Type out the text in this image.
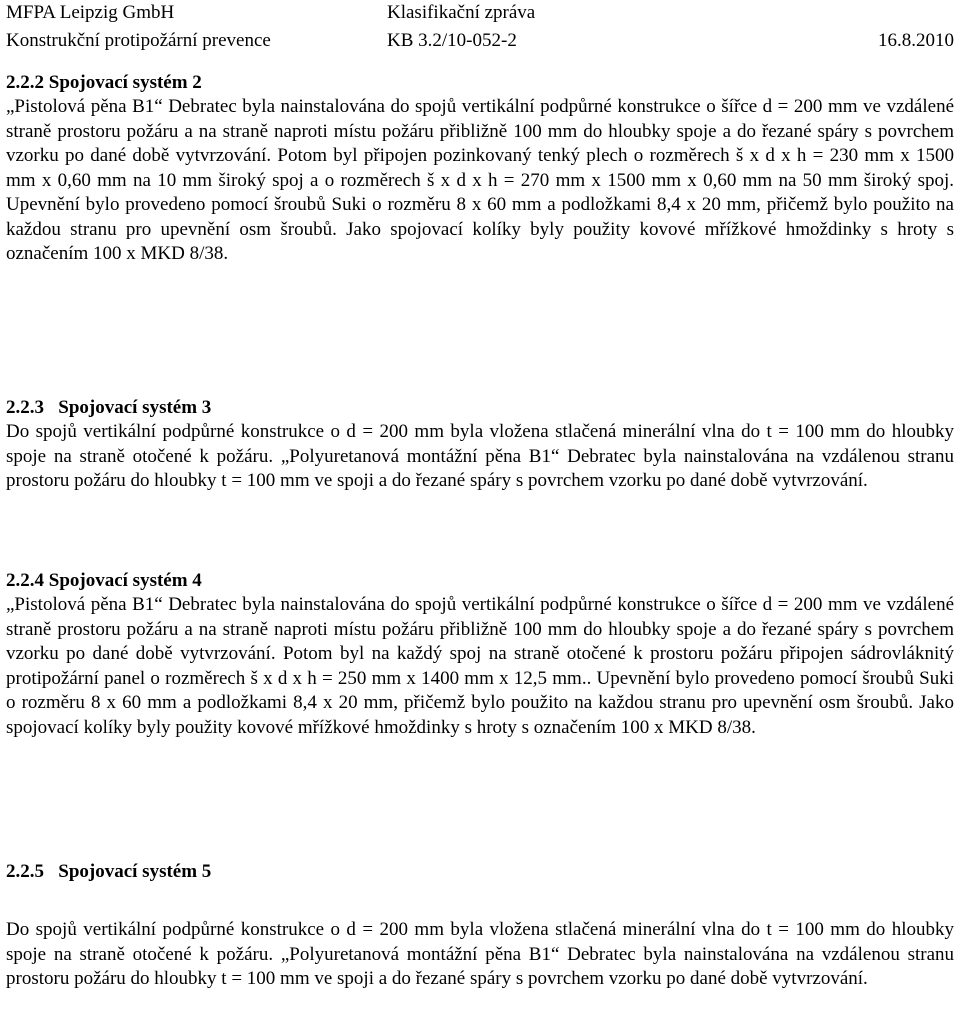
MFPA Leipzig GmbH	Klasifikační zpráva
Konstrukční protipožární prevence	KB 3.2/10-052-2	16.8.2010

2.2.2 Spojovací systém 2

„Pistolová pěna B1“ Debratec byla nainstalována do spojů vertikální podpůrné konstrukce o šířce d = 200 mm ve vzdálené straně prostoru požáru a na straně naproti místu požáru přibližně 100 mm do hloubky spoje a do řezané spáry s povrchem vzorku po dané době vytvrzování. Potom byl připojen pozinkovaný tenký plech o rozměrech š x d x h = 230 mm x 1500 mm x 0,60 mm na 10 mm široký spoj a o rozměrech š x d x h = 270 mm x 1500 mm x 0,60 mm na 50 mm široký spoj. Upevnění bylo provedeno pomocí šroubů Suki o rozměru 8 x 60 mm a podložkami 8,4 x 20 mm, přičemž bylo použito na každou stranu pro upevnění osm šroubů. Jako spojovací kolíky byly použity kovové mřížkové hmoždinky s hroty s označením 100 x MKD 8/38.

2.2.3   Spojovací systém 3

Do spojů vertikální podpůrné konstrukce o d = 200 mm byla vložena stlačená minerální vlna do t = 100 mm do hloubky spoje na straně otočené k požáru. „Polyuretanová montážní pěna B1“ Debratec byla nainstalována na vzdálenou stranu prostoru požáru do hloubky t = 100 mm ve spoji a do řezané spáry s povrchem vzorku po dané době vytvrzování.

2.2.4 Spojovací systém 4

„Pistolová pěna B1“ Debratec byla nainstalována do spojů vertikální podpůrné konstrukce o šířce d = 200 mm ve vzdálené straně prostoru požáru a na straně naproti místu požáru přibližně 100 mm do hloubky spoje a do řezané spáry s povrchem vzorku po dané době vytvrzování. Potom byl na každý spoj na straně otočené k prostoru požáru připojen sádrovláknitý protipožární panel o rozměrech š x d x h = 250 mm x 1400 mm x 12,5 mm.. Upevnění bylo provedeno pomocí šroubů Suki o rozměru 8 x 60 mm a podložkami 8,4 x 20 mm, přičemž bylo použito na každou stranu pro upevnění osm šroubů. Jako spojovací kolíky byly použity kovové mřížkové hmoždinky s hroty s označením 100 x MKD 8/38.

2.2.5   Spojovací systém 5

Do spojů vertikální podpůrné konstrukce o d = 200 mm byla vložena stlačená minerální vlna do t = 100 mm do hloubky spoje na straně otočené k požáru. „Polyuretanová montážní pěna B1“ Debratec byla nainstalována na vzdálenou stranu prostoru požáru do hloubky t = 100 mm ve spoji a do řezané spáry s povrchem vzorku po dané době vytvrzování.
